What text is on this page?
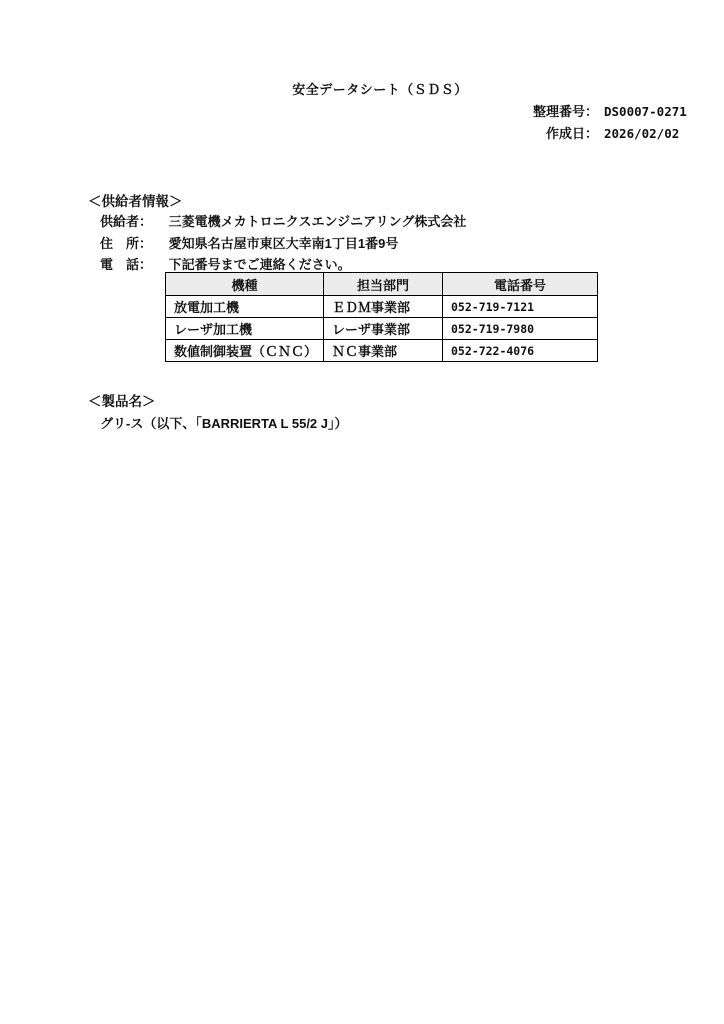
安全データシート（ＳＤＳ）
整理番号： DS0007-0271
作成日： 2026/02/02
＜供給者情報＞
供給者： 三菱電機メカトロニクスエンジニアリング株式会社
住　所： 愛知県名古屋市東区大幸南1丁目1番9号
電　話： 下記番号までご連絡ください。
機種	担当部門	電話番号
放電加工機	ＥＤＭ事業部	052-719-7121
レーザ加工機	レーザ事業部	052-719-7980
数値制御装置（ＣＮＣ）	ＮＣ事業部	052-722-4076
＜製品名＞
グリ-ス（以下、「BARRIERTA L 55/2 J」）
